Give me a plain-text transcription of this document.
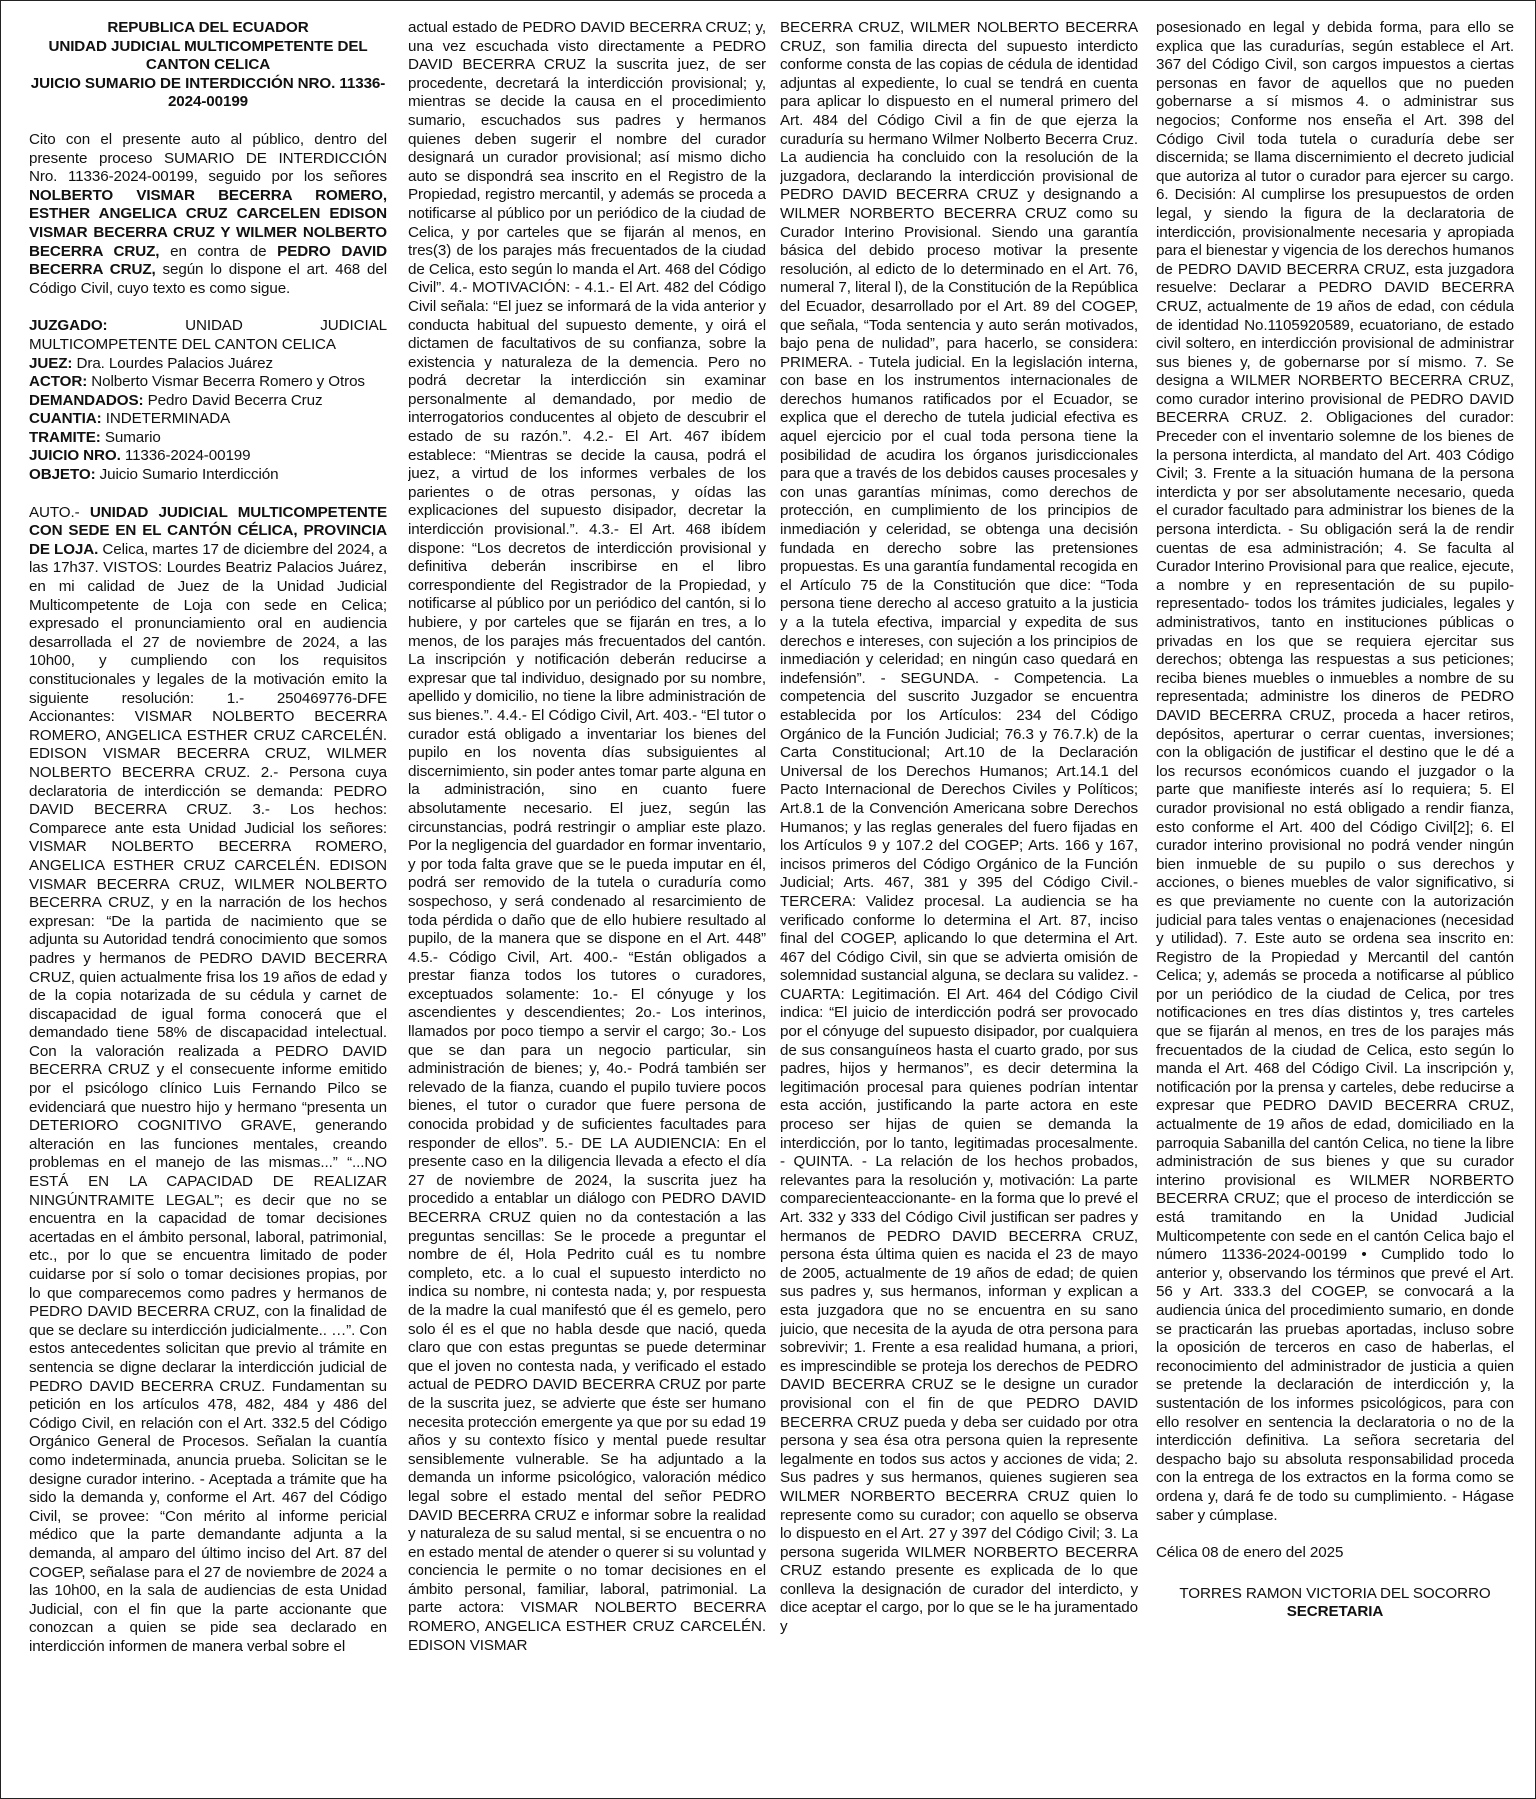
REPUBLICA DEL ECUADOR
UNIDAD JUDICIAL MULTICOMPETENTE DEL CANTON CELICA
JUICIO SUMARIO DE INTERDICCIÓN NRO. 11336-2024-00199

Cito con el presente auto al público, dentro del presente proceso SUMARIO DE INTERDICCIÓN Nro. 11336-2024-00199, seguido por los señores NOLBERTO VISMAR BECERRA ROMERO, ESTHER ANGELICA CRUZ CARCELEN EDISON VISMAR BECERRA CRUZ Y WILMER NOLBERTO BECERRA CRUZ, en contra de PEDRO DAVID BECERRA CRUZ, según lo dispone el art. 468 del Código Civil, cuyo texto es como sigue.

JUZGADO: UNIDAD JUDICIAL MULTICOMPETENTE DEL CANTON CELICA
JUEZ: Dra. Lourdes Palacios Juárez
ACTOR: Nolberto Vismar Becerra Romero y Otros
DEMANDADOS: Pedro David Becerra Cruz
CUANTIA: INDETERMINADA
TRAMITE: Sumario
JUICIO NRO. 11336-2024-00199
OBJETO: Juicio Sumario Interdicción

AUTO.- UNIDAD JUDICIAL MULTICOMPETENTE CON SEDE EN EL CANTÓN CÉLICA, PROVINCIA DE LOJA. Celica, martes 17 de diciembre del 2024, a las 17h37. VISTOS: Lourdes Beatriz Palacios Juárez, en mi calidad de Juez de la Unidad Judicial Multicompetente de Loja con sede en Celica; expresado el pronunciamiento oral en audiencia desarrollada el 27 de noviembre de 2024, a las 10h00, y cumpliendo con los requisitos constitucionales y legales de la motivación emito la siguiente resolución: 1.- 250469776-DFE Accionantes: VISMAR NOLBERTO BECERRA ROMERO, ANGELICA ESTHER CRUZ CARCELÉN. EDISON VISMAR BECERRA CRUZ, WILMER NOLBERTO BECERRA CRUZ. 2.- Persona cuya declaratoria de interdicción se demanda: PEDRO DAVID BECERRA CRUZ. 3.- Los hechos: Comparece ante esta Unidad Judicial los señores: VISMAR NOLBERTO BECERRA ROMERO, ANGELICA ESTHER CRUZ CARCELÉN. EDISON VISMAR BECERRA CRUZ, WILMER NOLBERTO BECERRA CRUZ, y en la narración de los hechos expresan: “De la partida de nacimiento que se adjunta su Autoridad tendrá conocimiento que somos padres y hermanos de PEDRO DAVID BECERRA CRUZ, quien actualmente frisa los 19 años de edad y de la copia notarizada de su cédula y carnet de discapacidad de igual forma conocerá que el demandado tiene 58% de discapacidad intelectual. Con la valoración realizada a PEDRO DAVID BECERRA CRUZ y el consecuente informe emitido por el psicólogo clínico Luis Fernando Pilco se evidenciará que nuestro hijo y hermano “presenta un DETERIORO COGNITIVO GRAVE, generando alteración en las funciones mentales, creando problemas en el manejo de las mismas...” “...NO ESTÁ EN LA CAPACIDAD DE REALIZAR NINGÚNTRAMITE LEGAL”; es decir que no se encuentra en la capacidad de tomar decisiones acertadas en el ámbito personal, laboral, patrimonial, etc., por lo que se encuentra limitado de poder cuidarse por sí solo o tomar decisiones propias, por lo que comparecemos como padres y hermanos de PEDRO DAVID BECERRA CRUZ, con la finalidad de que se declare su interdicción judicialmente.. …”. Con estos antecedentes solicitan que previo al trámite en sentencia se digne declarar la interdicción judicial de PEDRO DAVID BECERRA CRUZ. Fundamentan su petición en los artículos 478, 482, 484 y 486 del Código Civil, en relación con el Art. 332.5 del Código Orgánico General de Procesos. Señalan la cuantía como indeterminada, anuncia prueba. Solicitan se le designe curador interino. - Aceptada a trámite que ha sido la demanda y, conforme el Art. 467 del Código Civil, se provee: “Con mérito al informe pericial médico que la parte demandante adjunta a la demanda, al amparo del último inciso del Art. 87 del COGEP, señalase para el 27 de noviembre de 2024 a las 10h00, en la sala de audiencias de esta Unidad Judicial, con el fin que la parte accionante que conozcan a quien se pide sea declarado en interdicción informen de manera verbal sobre el

actual estado de PEDRO DAVID BECERRA CRUZ; y, una vez escuchada visto directamente a PEDRO DAVID BECERRA CRUZ la suscrita juez, de ser procedente, decretará la interdicción provisional; y, mientras se decide la causa en el procedimiento sumario, escuchados sus padres y hermanos quienes deben sugerir el nombre del curador designará un curador provisional; así mismo dicho auto se dispondrá sea inscrito en el Registro de la Propiedad, registro mercantil, y además se proceda a notificarse al público por un periódico de la ciudad de Celica, y por carteles que se fijarán al menos, en tres(3) de los parajes más frecuentados de la ciudad de Celica, esto según lo manda el Art. 468 del Código Civil”. 4.- MOTIVACIÓN: - 4.1.- El Art. 482 del Código Civil señala: “El juez se informará de la vida anterior y conducta habitual del supuesto demente, y oirá el dictamen de facultativos de su confianza, sobre la existencia y naturaleza de la demencia. Pero no podrá decretar la interdicción sin examinar personalmente al demandado, por medio de interrogatorios conducentes al objeto de descubrir el estado de su razón.”. 4.2.- El Art. 467 ibídem establece: “Mientras se decide la causa, podrá el juez, a virtud de los informes verbales de los parientes o de otras personas, y oídas las explicaciones del supuesto disipador, decretar la interdicción provisional.”. 4.3.- El Art. 468 ibídem dispone: “Los decretos de interdicción provisional y definitiva deberán inscribirse en el libro correspondiente del Registrador de la Propiedad, y notificarse al público por un periódico del cantón, si lo hubiere, y por carteles que se fijarán en tres, a lo menos, de los parajes más frecuentados del cantón. La inscripción y notificación deberán reducirse a expresar que tal individuo, designado por su nombre, apellido y domicilio, no tiene la libre administración de sus bienes.”. 4.4.- El Código Civil, Art. 403.- “El tutor o curador está obligado a inventariar los bienes del pupilo en los noventa días subsiguientes al discernimiento, sin poder antes tomar parte alguna en la administración, sino en cuanto fuere absolutamente necesario. El juez, según las circunstancias, podrá restringir o ampliar este plazo. Por la negligencia del guardador en formar inventario, y por toda falta grave que se le pueda imputar en él, podrá ser removido de la tutela o curaduría como sospechoso, y será condenado al resarcimiento de toda pérdida o daño que de ello hubiere resultado al pupilo, de la manera que se dispone en el Art. 448” 4.5.- Código Civil, Art. 400.- “Están obligados a prestar fianza todos los tutores o curadores, exceptuados solamente: 1o.- El cónyuge y los ascendientes y descendientes; 2o.- Los interinos, llamados por poco tiempo a servir el cargo; 3o.- Los que se dan para un negocio particular, sin administración de bienes; y, 4o.- Podrá también ser relevado de la fianza, cuando el pupilo tuviere pocos bienes, el tutor o curador que fuere persona de conocida probidad y de suficientes facultades para responder de ellos”. 5.- DE LA AUDIENCIA: En el presente caso en la diligencia llevada a efecto el día 27 de noviembre de 2024, la suscrita juez ha procedido a entablar un diálogo con PEDRO DAVID BECERRA CRUZ quien no da contestación a las preguntas sencillas: Se le procede a preguntar el nombre de él, Hola Pedrito cuál es tu nombre completo, etc. a lo cual el supuesto interdicto no indica su nombre, ni contesta nada; y, por respuesta de la madre la cual manifestó que él es gemelo, pero solo él es el que no habla desde que nació, queda claro que con estas preguntas se puede determinar que el joven no contesta nada, y verificado el estado actual de PEDRO DAVID BECERRA CRUZ por parte de la suscrita juez, se advierte que éste ser humano necesita protección emergente ya que por su edad 19 años y su contexto físico y mental puede resultar sensiblemente vulnerable. Se ha adjuntado a la demanda un informe psicológico, valoración médico legal sobre el estado mental del señor PEDRO DAVID BECERRA CRUZ e informar sobre la realidad y naturaleza de su salud mental, si se encuentra o no en estado mental de atender o querer si su voluntad y conciencia le permite o no tomar decisiones en el ámbito personal, familiar, laboral, patrimonial. La parte actora: VISMAR NOLBERTO BECERRA ROMERO, ANGELICA ESTHER CRUZ CARCELÉN. EDISON VISMAR

BECERRA CRUZ, WILMER NOLBERTO BECERRA CRUZ, son familia directa del supuesto interdicto conforme consta de las copias de cédula de identidad adjuntas al expediente, lo cual se tendrá en cuenta para aplicar lo dispuesto en el numeral primero del Art. 484 del Código Civil a fin de que ejerza la curaduría su hermano Wilmer Nolberto Becerra Cruz. La audiencia ha concluido con la resolución de la juzgadora, declarando la interdicción provisional de PEDRO DAVID BECERRA CRUZ y designando a WILMER NORBERTO BECERRA CRUZ como su Curador Interino Provisional. Siendo una garantía básica del debido proceso motivar la presente resolución, al edicto de lo determinado en el Art. 76, numeral 7, literal l), de la Constitución de la República del Ecuador, desarrollado por el Art. 89 del COGEP, que señala, “Toda sentencia y auto serán motivados, bajo pena de nulidad”, para hacerlo, se considera: PRIMERA. - Tutela judicial. En la legislación interna, con base en los instrumentos internacionales de derechos humanos ratificados por el Ecuador, se explica que el derecho de tutela judicial efectiva es aquel ejercicio por el cual toda persona tiene la posibilidad de acudira los órganos jurisdiccionales para que a través de los debidos causes procesales y con unas garantías mínimas, como derechos de protección, en cumplimiento de los principios de inmediación y celeridad, se obtenga una decisión fundada en derecho sobre las pretensiones propuestas. Es una garantía fundamental recogida en el Artículo 75 de la Constitución que dice: “Toda persona tiene derecho al acceso gratuito a la justicia y a la tutela efectiva, imparcial y expedita de sus derechos e intereses, con sujeción a los principios de inmediación y celeridad; en ningún caso quedará en indefensión”. - SEGUNDA. - Competencia. La competencia del suscrito Juzgador se encuentra establecida por los Artículos: 234 del Código Orgánico de la Función Judicial; 76.3 y 76.7.k) de la Carta Constitucional; Art.10 de la Declaración Universal de los Derechos Humanos; Art.14.1 del Pacto Internacional de Derechos Civiles y Políticos; Art.8.1 de la Convención Americana sobre Derechos Humanos; y las reglas generales del fuero fijadas en los Artículos 9 y 107.2 del COGEP; Arts. 166 y 167, incisos primeros del Código Orgánico de la Función Judicial; Arts. 467, 381 y 395 del Código Civil.- TERCERA: Validez procesal. La audiencia se ha verificado conforme lo determina el Art. 87, inciso final del COGEP, aplicando lo que determina el Art. 467 del Código Civil, sin que se advierta omisión de solemnidad sustancial alguna, se declara su validez. - CUARTA: Legitimación. El Art. 464 del Código Civil indica: “El juicio de interdicción podrá ser provocado por el cónyuge del supuesto disipador, por cualquiera de sus consanguíneos hasta el cuarto grado, por sus padres, hijos y hermanos”, es decir determina la legitimación procesal para quienes podrían intentar esta acción, justificando la parte actora en este proceso ser hijas de quien se demanda la interdicción, por lo tanto, legitimadas procesalmente. - QUINTA. - La relación de los hechos probados, relevantes para la resolución y, motivación: La parte comparecienteaccionante- en la forma que lo prevé el Art. 332 y 333 del Código Civil justifican ser padres y hermanos de PEDRO DAVID BECERRA CRUZ, persona ésta última quien es nacida el 23 de mayo de 2005, actualmente de 19 años de edad; de quien sus padres y, sus hermanos, informan y explican a esta juzgadora que no se encuentra en su sano juicio, que necesita de la ayuda de otra persona para sobrevivir; 1. Frente a esa realidad humana, a priori, es imprescindible se proteja los derechos de PEDRO DAVID BECERRA CRUZ se le designe un curador provisional con el fin de que PEDRO DAVID BECERRA CRUZ pueda y deba ser cuidado por otra persona y sea ésa otra persona quien la represente legalmente en todos sus actos y acciones de vida; 2. Sus padres y sus hermanos, quienes sugieren sea WILMER NORBERTO BECERRA CRUZ quien lo represente como su curador; con aquello se observa lo dispuesto en el Art. 27 y 397 del Código Civil; 3. La persona sugerida WILMER NORBERTO BECERRA CRUZ estando presente es explicada de lo que conlleva la designación de curador del interdicto, y dice aceptar el cargo, por lo que se le ha juramentado y

posesionado en legal y debida forma, para ello se explica que las curadurías, según establece el Art. 367 del Código Civil, son cargos impuestos a ciertas personas en favor de aquellos que no pueden gobernarse a sí mismos 4. o administrar sus negocios; Conforme nos enseña el Art. 398 del Código Civil toda tutela o curaduría debe ser discernida; se llama discernimiento el decreto judicial que autoriza al tutor o curador para ejercer su cargo. 6. Decisión: Al cumplirse los presupuestos de orden legal, y siendo la figura de la declaratoria de interdicción, provisionalmente necesaria y apropiada para el bienestar y vigencia de los derechos humanos de PEDRO DAVID BECERRA CRUZ, esta juzgadora resuelve: Declarar a PEDRO DAVID BECERRA CRUZ, actualmente de 19 años de edad, con cédula de identidad No.1105920589, ecuatoriano, de estado civil soltero, en interdicción provisional de administrar sus bienes y, de gobernarse por sí mismo. 7. Se designa a WILMER NORBERTO BECERRA CRUZ, como curador interino provisional de PEDRO DAVID BECERRA CRUZ. 2. Obligaciones del curador: Preceder con el inventario solemne de los bienes de la persona interdicta, al mandato del Art. 403 Código Civil; 3. Frente a la situación humana de la persona interdicta y por ser absolutamente necesario, queda el curador facultado para administrar los bienes de la persona interdicta. - Su obligación será la de rendir cuentas de esa administración; 4. Se faculta al Curador Interino Provisional para que realice, ejecute, a nombre y en representación de su pupilo- representado- todos los trámites judiciales, legales y administrativos, tanto en instituciones públicas o privadas en los que se requiera ejercitar sus derechos; obtenga las respuestas a sus peticiones; reciba bienes muebles o inmuebles a nombre de su representada; administre los dineros de PEDRO DAVID BECERRA CRUZ, proceda a hacer retiros, depósitos, aperturar o cerrar cuentas, inversiones; con la obligación de justificar el destino que le dé a los recursos económicos cuando el juzgador o la parte que manifieste interés así lo requiera; 5. El curador provisional no está obligado a rendir fianza, esto conforme el Art. 400 del Código Civil[2]; 6. El curador interino provisional no podrá vender ningún bien inmueble de su pupilo o sus derechos y acciones, o bienes muebles de valor significativo, si es que previamente no cuente con la autorización judicial para tales ventas o enajenaciones (necesidad y utilidad). 7. Este auto se ordena sea inscrito en: Registro de la Propiedad y Mercantil del cantón Celica; y, además se proceda a notificarse al público por un periódico de la ciudad de Celica, por tres notificaciones en tres días distintos y, tres carteles que se fijarán al menos, en tres de los parajes más frecuentados de la ciudad de Celica, esto según lo manda el Art. 468 del Código Civil. La inscripción y, notificación por la prensa y carteles, debe reducirse a expresar que PEDRO DAVID BECERRA CRUZ, actualmente de 19 años de edad, domiciliado en la parroquia Sabanilla del cantón Celica, no tiene la libre administración de sus bienes y que su curador interino provisional es WILMER NORBERTO BECERRA CRUZ; que el proceso de interdicción se está tramitando en la Unidad Judicial Multicompetente con sede en el cantón Celica bajo el número 11336-2024-00199 • Cumplido todo lo anterior y, observando los términos que prevé el Art. 56 y Art. 333.3 del COGEP, se convocará a la audiencia única del procedimiento sumario, en donde se practicarán las pruebas aportadas, incluso sobre la oposición de terceros en caso de haberlas, el reconocimiento del administrador de justicia a quien se pretende la declaración de interdicción y, la sustentación de los informes psicológicos, para con ello resolver en sentencia la declaratoria o no de la interdicción definitiva. La señora secretaria del despacho bajo su absoluta responsabilidad proceda con la entrega de los extractos en la forma como se ordena y, dará fe de todo su cumplimiento. - Hágase saber y cúmplase.

Célica 08 de enero del 2025

TORRES RAMON VICTORIA DEL SOCORRO
SECRETARIA
